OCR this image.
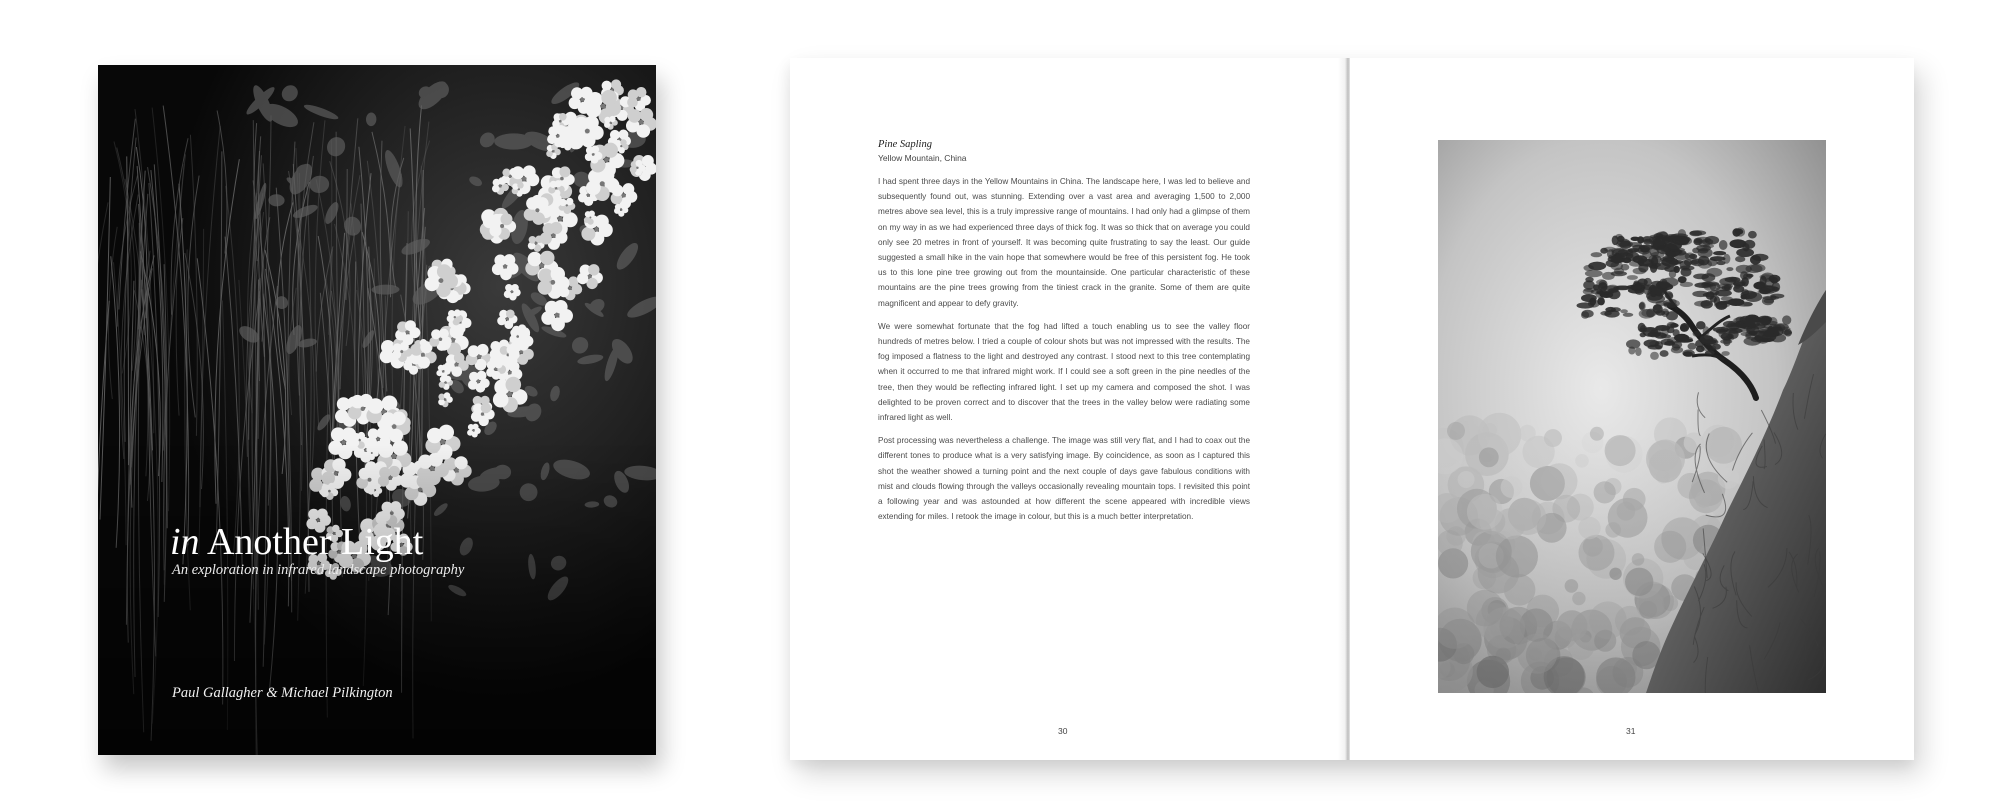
in Another Light
An exploration in infrared landscape photography
Paul Gallagher & Michael Pilkington

Pine Sapling

Yellow Mountain, China

I had spent three days in the Yellow Mountains in China. The landscape here, I was led to believe and subsequently found out, was stunning. Extending over a vast area and averaging 1,500 to 2,000 metres above sea level, this is a truly impressive range of mountains. I had only had a glimpse of them on my way in as we had experienced three days of thick fog. It was so thick that on average you could only see 20 metres in front of yourself. It was becoming quite frustrating to say the least. Our guide suggested a small hike in the vain hope that somewhere would be free of this persistent fog. He took us to this lone pine tree growing out from the mountainside. One particular characteristic of these mountains are the pine trees growing from the tiniest crack in the granite. Some of them are quite magnificent and appear to defy gravity.

We were somewhat fortunate that the fog had lifted a touch enabling us to see the valley floor hundreds of metres below. I tried a couple of colour shots but was not impressed with the results. The fog imposed a flatness to the light and destroyed any contrast. I stood next to this tree contemplating when it occurred to me that infrared might work. If I could see a soft green in the pine needles of the tree, then they would be reflecting infrared light. I set up my camera and composed the shot. I was delighted to be proven correct and to discover that the trees in the valley below were radiating some infrared light as well.

Post processing was nevertheless a challenge. The image was still very flat, and I had to coax out the different tones to produce what is a very satisfying image. By coincidence, as soon as I captured this shot the weather showed a turning point and the next couple of days gave fabulous conditions with mist and clouds flowing through the valleys occasionally revealing mountain tops. I revisited this point a following year and was astounded at how different the scene appeared with incredible views extending for miles. I retook the image in colour, but this is a much better interpretation.

30	31
